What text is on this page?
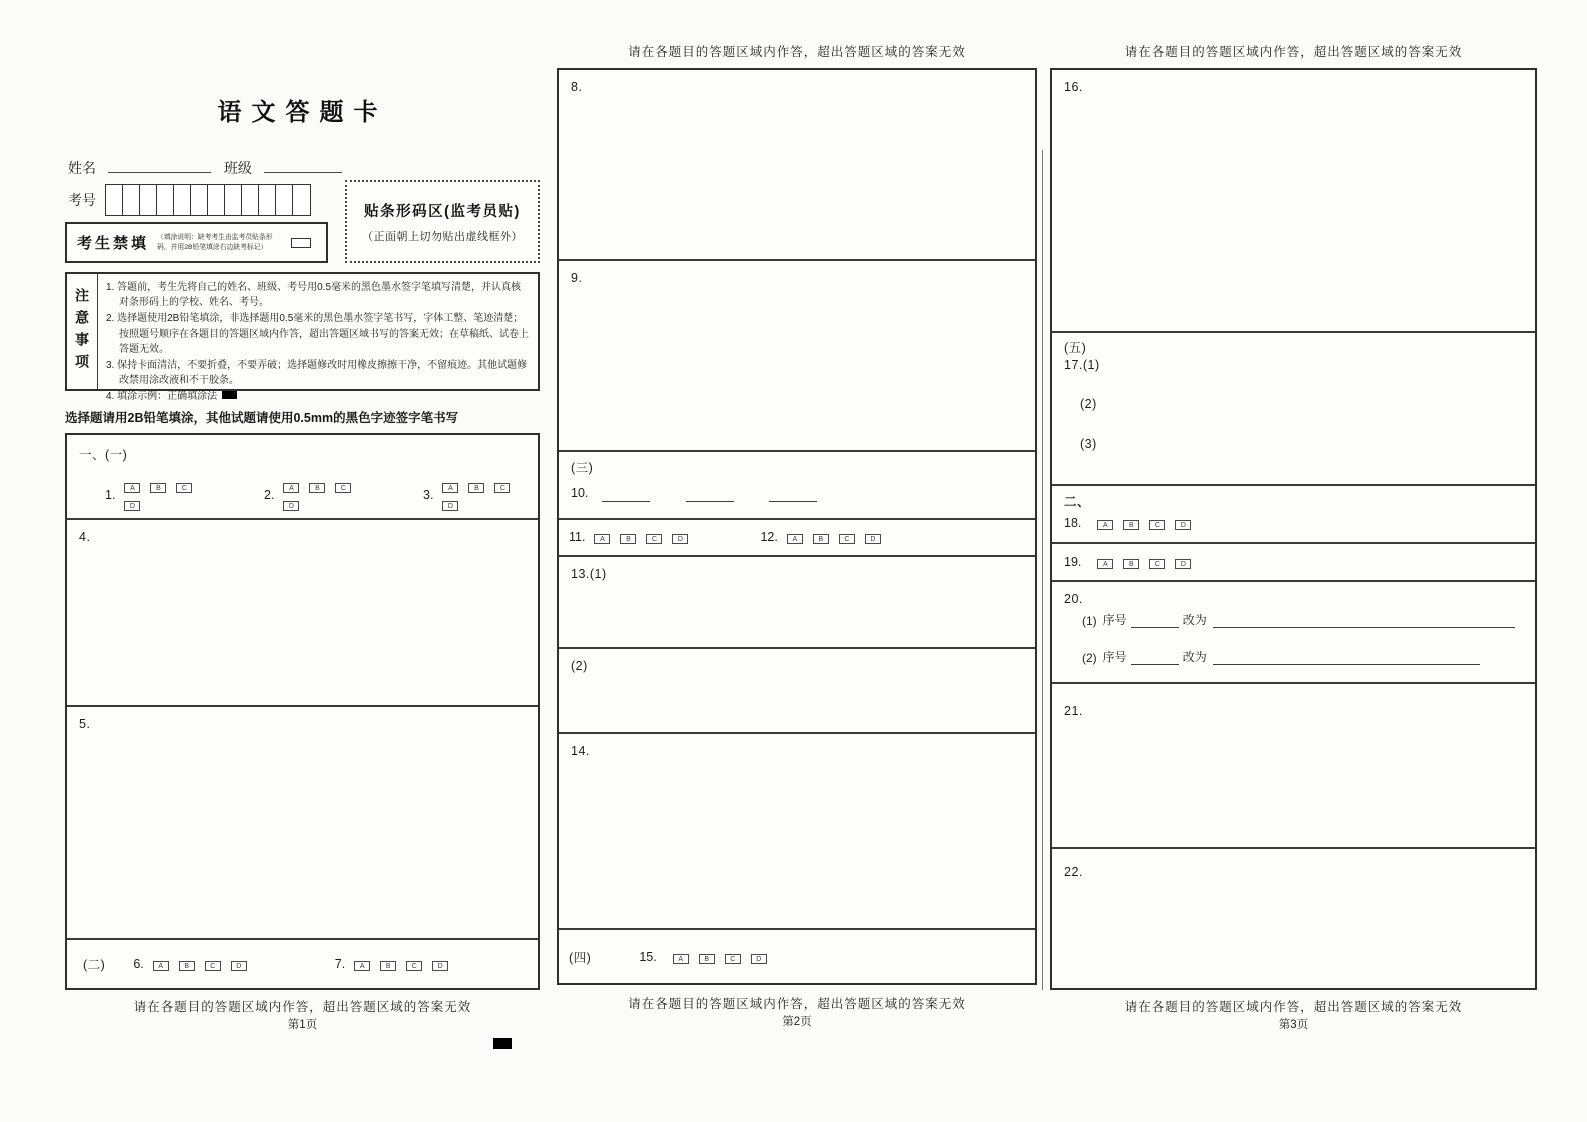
语文答题卡
姓名	班级
考号
考生禁填	（填涂说明：缺考考生由监考员贴条形码，并用2B铅笔填涂右边缺考标记）
贴条形码区(监考员贴)
（正面朝上切勿贴出虚线框外）
注意事项 1. 答题前，考生先将自己的姓名、班级、考号用0.5毫米的黑色墨水签字笔填写清楚，并认真核对条形码上的学校、姓名、考号。
2. 选择题使用2B铅笔填涂，非选择题用0.5毫米的黑色墨水签字笔书写，字体工整、笔迹清楚；按照题号顺序在各题目的答题区域内作答，超出答题区域书写的答案无效；在草稿纸、试卷上答题无效。
3. 保持卡面清洁，不要折叠，不要弄破；选择题修改时用橡皮擦擦干净，不留痕迹。其他试题修改禁用涂改液和不干胶条。
4. 填涂示例：正确填涂法
选择题请用2B铅笔填涂，其他试题请使用0.5mm的黑色字迹签字笔书写
一、(一)
1.	A	B	CD
2.	A	B	CD
3.	A	B	CD
4.
5.
(二) 6.	A	B	C	D	7.	A	B	C	D
请在各题目的答题区域内作答，超出答题区域的答案无效
第1页
请在各题目的答题区域内作答，超出答题区域的答案无效
8.
9.
(三)
10.
11.	A	B	C	D	12.	A	B	C	D
13.(1)
(2)
14.
(四)	15.	A	B	C	D
请在各题目的答题区域内作答，超出答题区域的答案无效
第2页
请在各题目的答题区域内作答，超出答题区域的答案无效
16.
(五)
17.(1)
(2)
(3)
二、
18.	A	B	C	D
19.	A	B	C	D
20.
(1) 序号	改为
(2) 序号	改为
21.
22.
请在各题目的答题区域内作答，超出答题区域的答案无效
第3页
